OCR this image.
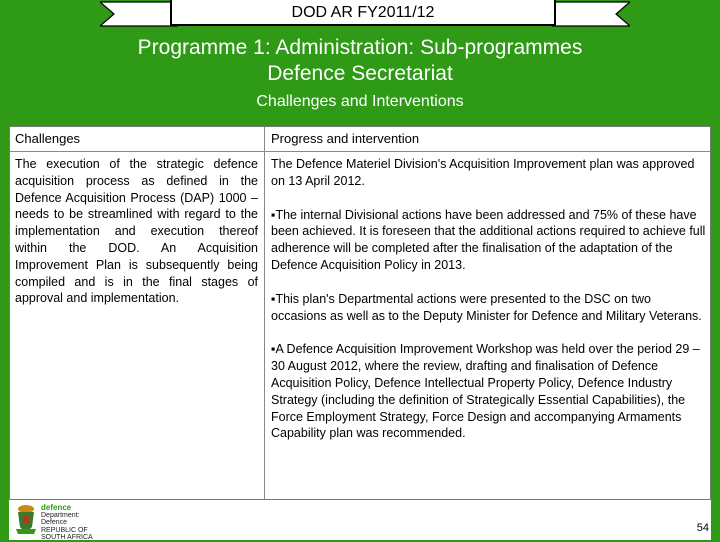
DOD AR FY2011/12
Programme 1: Administration: Sub-programmes
Defence Secretariat
Challenges and Interventions
Challenges	Progress and intervention
The execution of the strategic defence acquisition process as defined in the Defence Acquisition Process (DAP) 1000 – needs to be streamlined with regard to the implementation and execution thereof within the DOD. An Acquisition Improvement Plan is subsequently being compiled and is in the final stages of approval and implementation.

The Defence Materiel Division's Acquisition Improvement plan was approved on 13 April 2012.

▪ The internal Divisional actions have been addressed and 75% of these have been achieved. It is foreseen that the additional actions required to achieve full adherence will be completed after the finalisation of the adaptation of the Defence Acquisition Policy in 2013.

▪ This plan's Departmental actions were presented to the DSC on two occasions as well as to the Deputy Minister for Defence and Military Veterans.

▪ A Defence Acquisition Improvement Workshop was held over the period 29 – 30 August 2012, where the review, drafting and finalisation of Defence Acquisition Policy, Defence Intellectual Property Policy, Defence Industry Strategy (including the definition of Strategically Essential Capabilities), the Force Employment Strategy, Force Design and accompanying Armaments Capability plan was recommended.

defence
Department:
Defence
REPUBLIC OF SOUTH AFRICA
54
